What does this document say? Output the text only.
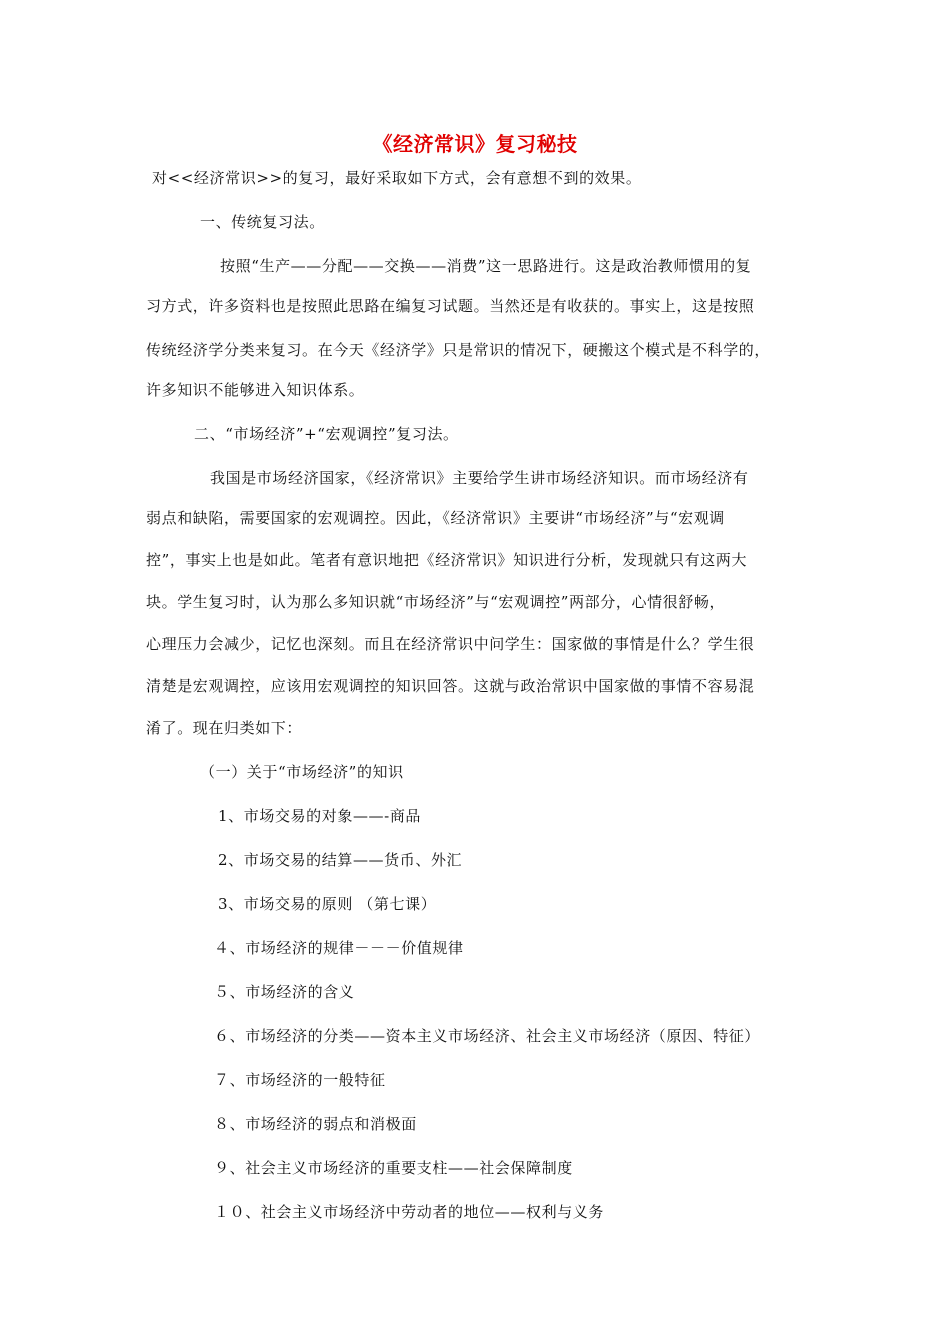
《经济常识》复习秘技
对<<经济常识>>的复习，最好采取如下方式，会有意想不到的效果。
一、传统复习法。
按照“生产——分配——交换——消费”这一思路进行。这是政治教师惯用的复
习方式，许多资料也是按照此思路在编复习试题。当然还是有收获的。事实上，这是按照
传统经济学分类来复习。在今天《经济学》只是常识的情况下，硬搬这个模式是不科学的，
许多知识不能够进入知识体系。
二、“市场经济”+“宏观调控”复习法。
我国是市场经济国家，《经济常识》主要给学生讲市场经济知识。而市场经济有
弱点和缺陷，需要国家的宏观调控。因此，《经济常识》主要讲“市场经济”与“宏观调
控”，事实上也是如此。笔者有意识地把《经济常识》知识进行分析，发现就只有这两大
块。学生复习时，认为那么多知识就“市场经济”与“宏观调控”两部分，心情很舒畅，
心理压力会减少，记忆也深刻。而且在经济常识中问学生：国家做的事情是什么？学生很
清楚是宏观调控，应该用宏观调控的知识回答。这就与政治常识中国家做的事情不容易混
淆了。现在归类如下：
（一）关于“市场经济”的知识
1、市场交易的对象——-商品
2、市场交易的结算——货币、外汇
3、市场交易的原则 （第七课）
４、市场经济的规律－－－价值规律
５、市场经济的含义
６、市场经济的分类——资本主义市场经济、社会主义市场经济（原因、特征）
７、市场经济的一般特征
８、市场经济的弱点和消极面
９、社会主义市场经济的重要支柱——社会保障制度
１０、社会主义市场经济中劳动者的地位——权利与义务
